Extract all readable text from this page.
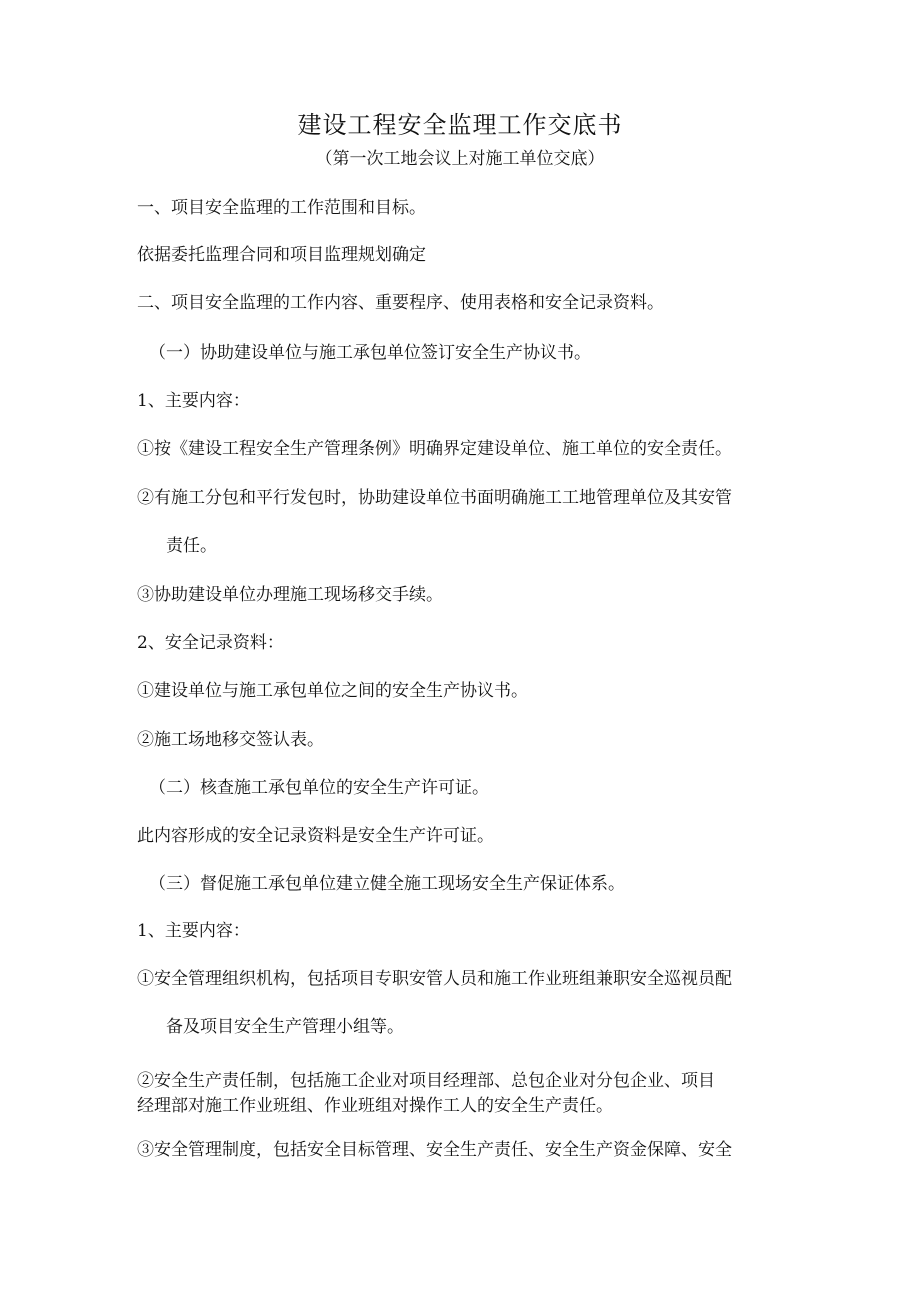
建设工程安全监理工作交底书
（第一次工地会议上对施工单位交底）
一、项目安全监理的工作范围和目标。
依据委托监理合同和项目监理规划确定
二、项目安全监理的工作内容、重要程序、使用表格和安全记录资料。
（一）协助建设单位与施工承包单位签订安全生产协议书。
1、主要内容：
①按《建设工程安全生产管理条例》明确界定建设单位、施工单位的安全责任。
②有施工分包和平行发包时，协助建设单位书面明确施工工地管理单位及其安管
责任。
③协助建设单位办理施工现场移交手续。
2、安全记录资料：
①建设单位与施工承包单位之间的安全生产协议书。
②施工场地移交签认表。
（二）核查施工承包单位的安全生产许可证。
此内容形成的安全记录资料是安全生产许可证。
（三）督促施工承包单位建立健全施工现场安全生产保证体系。
1、主要内容：
①安全管理组织机构，包括项目专职安管人员和施工作业班组兼职安全巡视员配
备及项目安全生产管理小组等。
②安全生产责任制，包括施工企业对项目经理部、总包企业对分包企业、项目
经理部对施工作业班组、作业班组对操作工人的安全生产责任。
③安全管理制度，包括安全目标管理、安全生产责任、安全生产资金保障、安全
